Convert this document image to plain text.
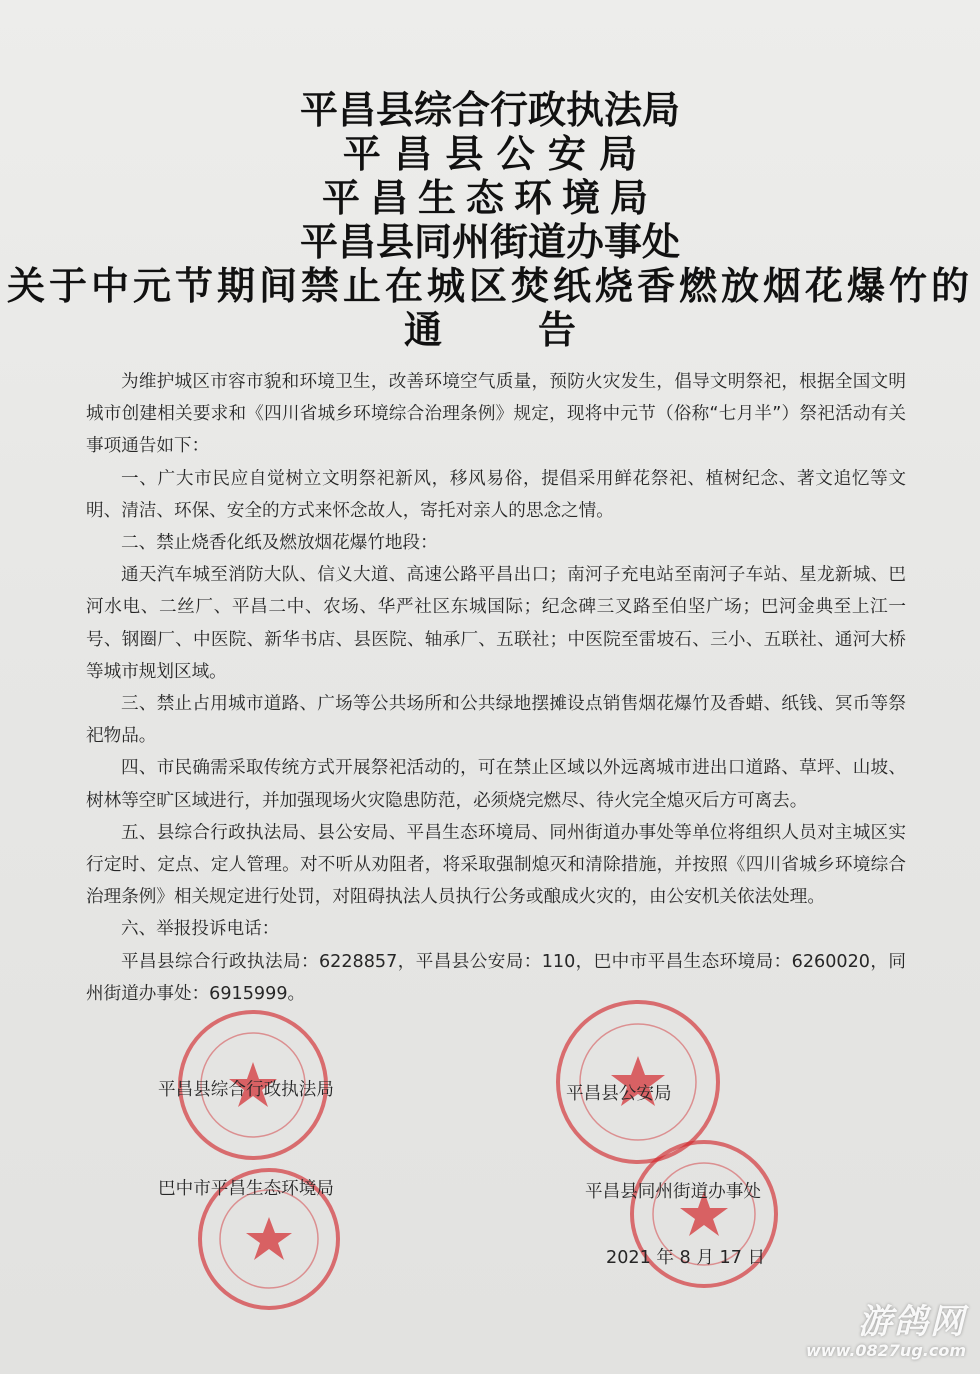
平昌县综合行政执法局
平 昌 县 公 安 局
平昌生态环境局
平昌县同州街道办事处
关于中元节期间禁止在城区焚纸烧香燃放烟花爆竹的
通告

为维护城区市容市貌和环境卫生，改善环境空气质量，预防火灾发生，倡导文明祭祀，根据全国文明城市创建相关要求和《四川省城乡环境综合治理条例》规定，现将中元节（俗称“七月半”）祭祀活动有关事项通告如下：

一、广大市民应自觉树立文明祭祀新风，移风易俗，提倡采用鲜花祭祀、植树纪念、著文追忆等文明、清洁、环保、安全的方式来怀念故人，寄托对亲人的思念之情。

二、禁止烧香化纸及燃放烟花爆竹地段：

通天汽车城至消防大队、信义大道、高速公路平昌出口；南河子充电站至南河子车站、星龙新城、巴河水电、二丝厂、平昌二中、农场、华严社区东城国际；纪念碑三叉路至伯坚广场；巴河金典至上江一号、钢圈厂、中医院、新华书店、县医院、轴承厂、五联社；中医院至雷坡石、三小、五联社、通河大桥等城市规划区域。

三、禁止占用城市道路、广场等公共场所和公共绿地摆摊设点销售烟花爆竹及香蜡、纸钱、冥币等祭祀物品。

四、市民确需采取传统方式开展祭祀活动的，可在禁止区域以外远离城市进出口道路、草坪、山坡、树林等空旷区域进行，并加强现场火灾隐患防范，必须烧完燃尽、待火完全熄灭后方可离去。

五、县综合行政执法局、县公安局、平昌生态环境局、同州街道办事处等单位将组织人员对主城区实行定时、定点、定人管理。对不听从劝阻者，将采取强制熄灭和清除措施，并按照《四川省城乡环境综合治理条例》相关规定进行处罚，对阻碍执法人员执行公务或酿成火灾的，由公安机关依法处理。

六、举报投诉电话：

平昌县综合行政执法局：6228857，平昌县公安局：110，巴中市平昌生态环境局：6260020，同州街道办事处：6915999。

平昌县综合行政执法局	平昌县公安局
巴中市平昌生态环境局	平昌县同州街道办事处
2021 年 8 月 17 日
游鸽网
www.0827ug.com
